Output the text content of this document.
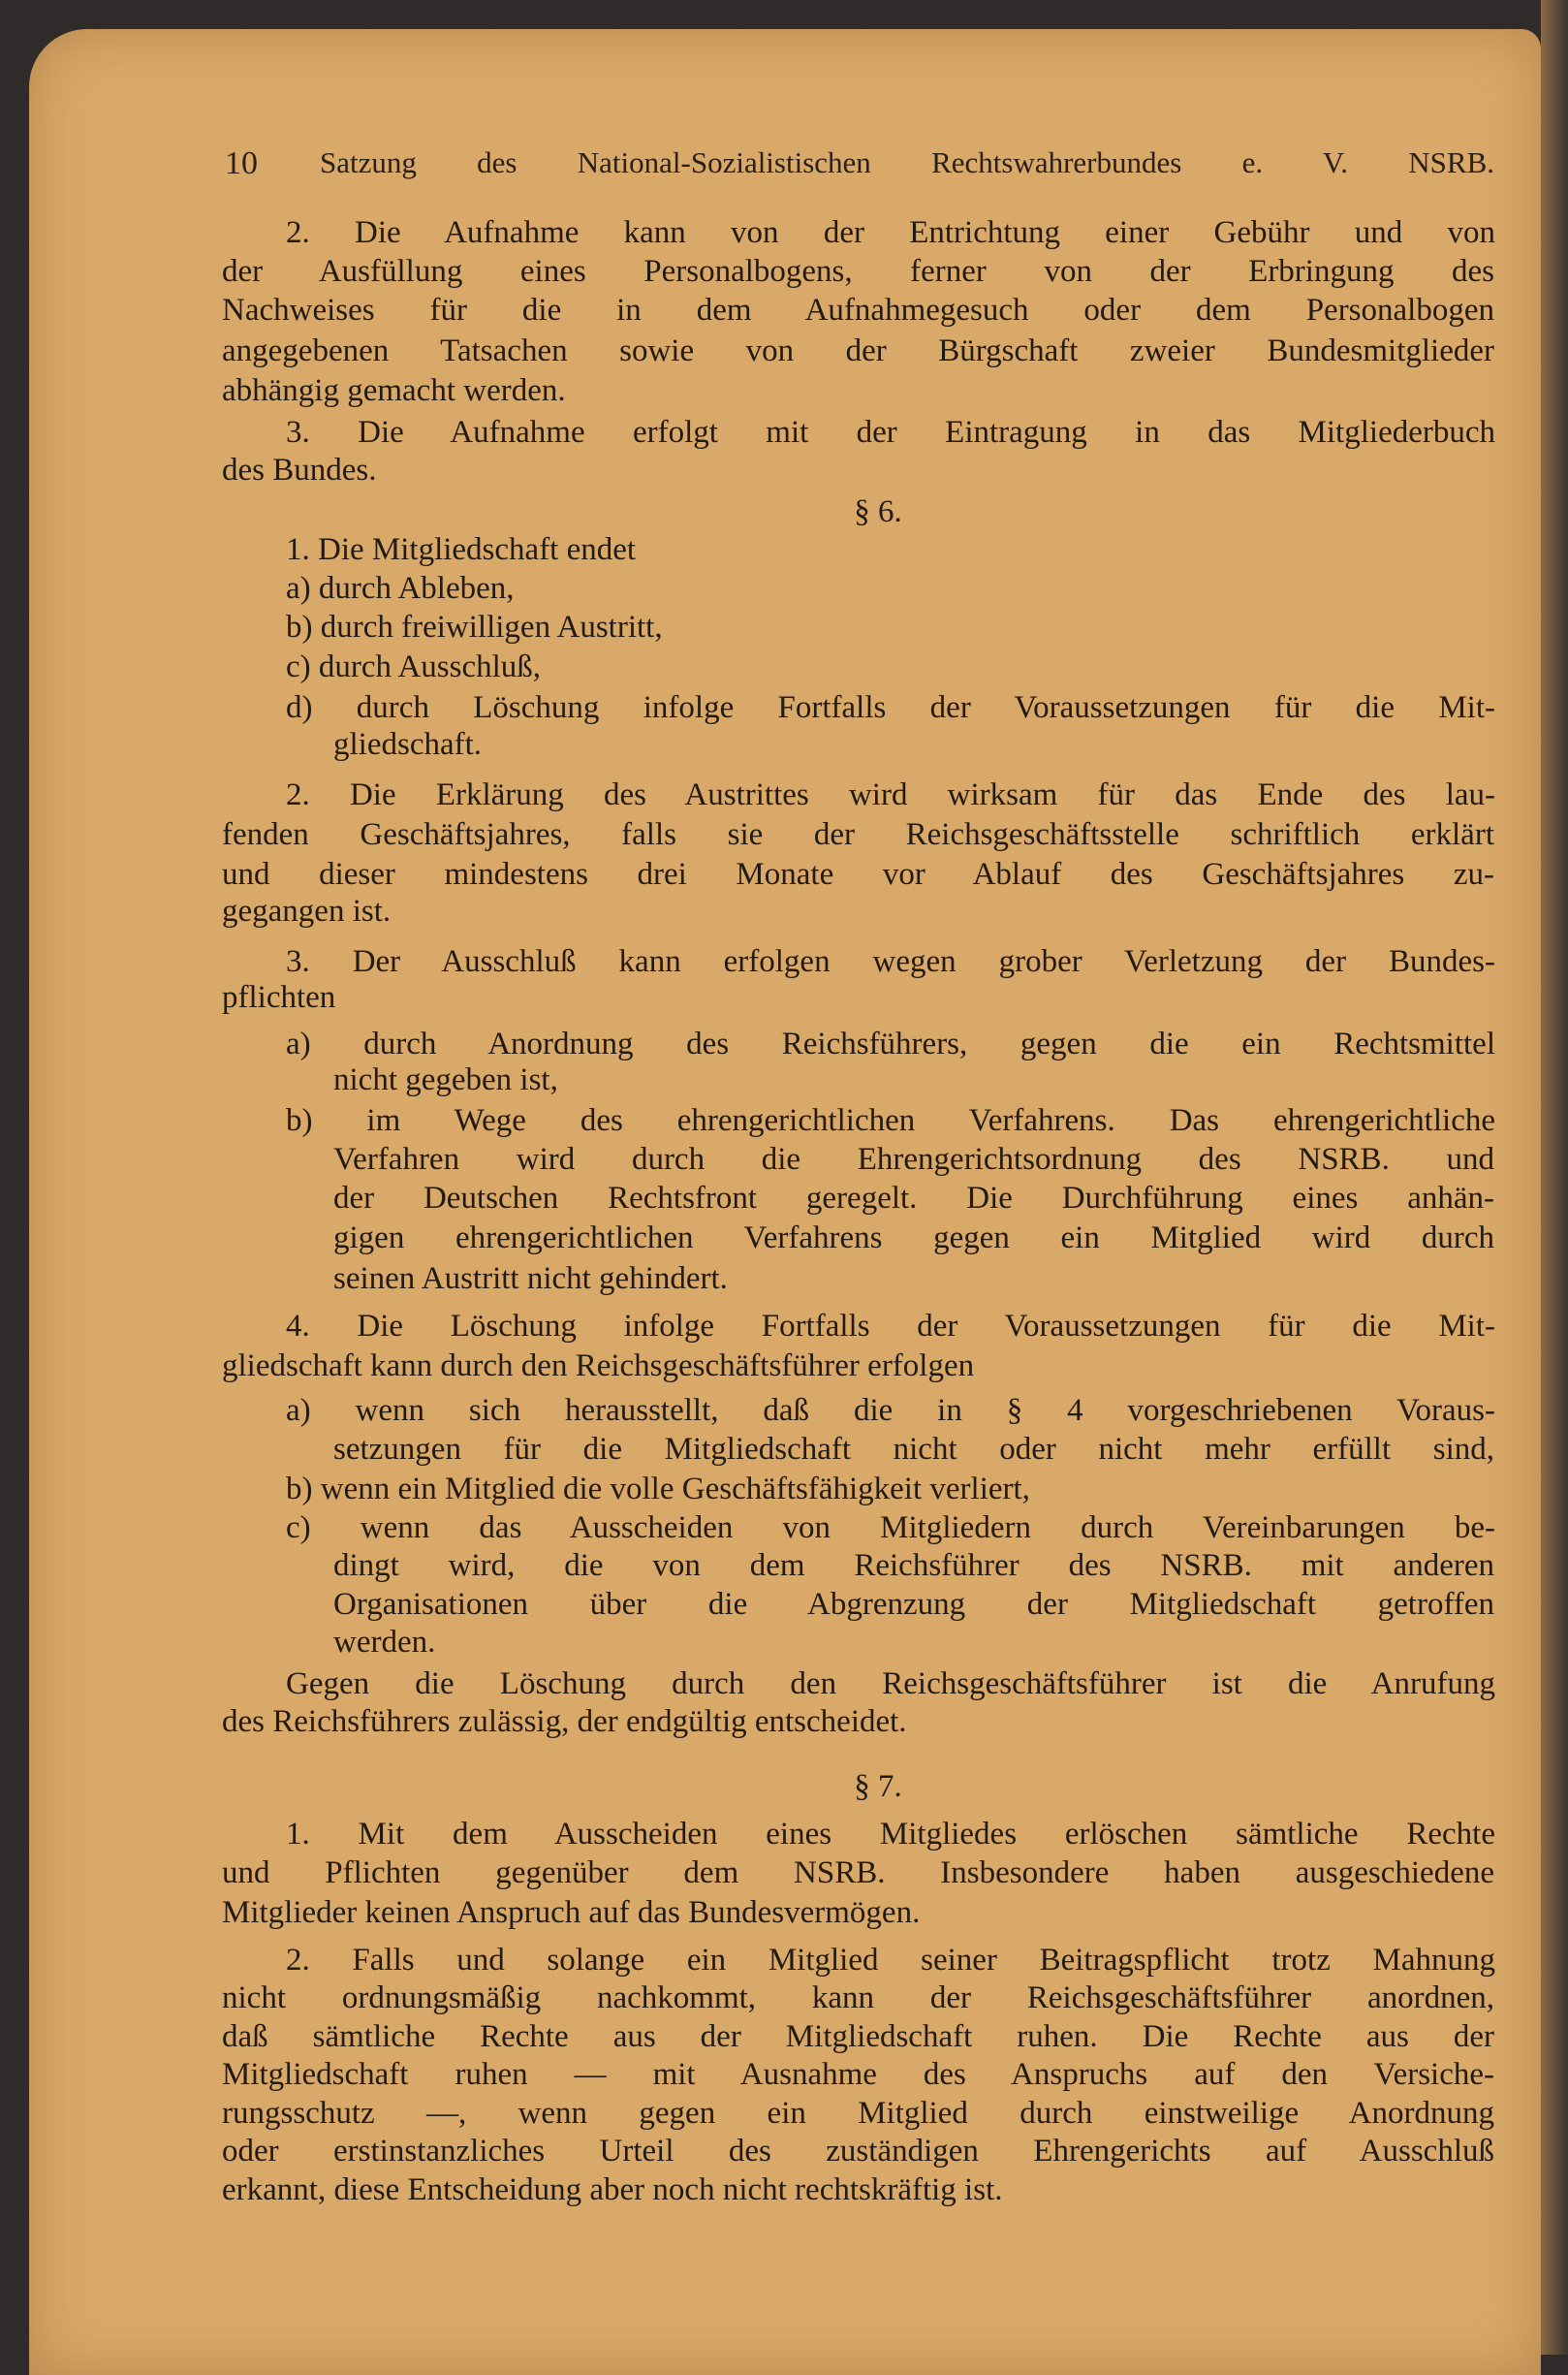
10 Satzung des National-Sozialistischen Rechtswahrerbundes e. V. NSRB.
2. Die Aufnahme kann von der Entrichtung einer Gebühr und von
der Ausfüllung eines Personalbogens, ferner von der Erbringung des
Nachweises für die in dem Aufnahmegesuch oder dem Personalbogen
angegebenen Tatsachen sowie von der Bürgschaft zweier Bundesmitglieder
abhängig gemacht werden.
3. Die Aufnahme erfolgt mit der Eintragung in das Mitgliederbuch
des Bundes.
§ 6.
1. Die Mitgliedschaft endet
a) durch Ableben,
b) durch freiwilligen Austritt,
c) durch Ausschluß,
d) durch Löschung infolge Fortfalls der Voraussetzungen für die Mit-
gliedschaft.
2. Die Erklärung des Austrittes wird wirksam für das Ende des lau-
fenden Geschäftsjahres, falls sie der Reichsgeschäftsstelle schriftlich erklärt
und dieser mindestens drei Monate vor Ablauf des Geschäftsjahres zu-
gegangen ist.
3. Der Ausschluß kann erfolgen wegen grober Verletzung der Bundes-
pflichten
a) durch Anordnung des Reichsführers, gegen die ein Rechtsmittel
nicht gegeben ist,
b) im Wege des ehrengerichtlichen Verfahrens. Das ehrengerichtliche
Verfahren wird durch die Ehrengerichtsordnung des NSRB. und
der Deutschen Rechtsfront geregelt. Die Durchführung eines anhän-
gigen ehrengerichtlichen Verfahrens gegen ein Mitglied wird durch
seinen Austritt nicht gehindert.
4. Die Löschung infolge Fortfalls der Voraussetzungen für die Mit-
gliedschaft kann durch den Reichsgeschäftsführer erfolgen
a) wenn sich herausstellt, daß die in § 4 vorgeschriebenen Voraus-
setzungen für die Mitgliedschaft nicht oder nicht mehr erfüllt sind,
b) wenn ein Mitglied die volle Geschäftsfähigkeit verliert,
c) wenn das Ausscheiden von Mitgliedern durch Vereinbarungen be-
dingt wird, die von dem Reichsführer des NSRB. mit anderen
Organisationen über die Abgrenzung der Mitgliedschaft getroffen
werden.
Gegen die Löschung durch den Reichsgeschäftsführer ist die Anrufung
des Reichsführers zulässig, der endgültig entscheidet.
§ 7.
1. Mit dem Ausscheiden eines Mitgliedes erlöschen sämtliche Rechte
und Pflichten gegenüber dem NSRB. Insbesondere haben ausgeschiedene
Mitglieder keinen Anspruch auf das Bundesvermögen.
2. Falls und solange ein Mitglied seiner Beitragspflicht trotz Mahnung
nicht ordnungsmäßig nachkommt, kann der Reichsgeschäftsführer anordnen,
daß sämtliche Rechte aus der Mitgliedschaft ruhen. Die Rechte aus der
Mitgliedschaft ruhen — mit Ausnahme des Anspruchs auf den Versiche-
rungsschutz —, wenn gegen ein Mitglied durch einstweilige Anordnung
oder erstinstanzliches Urteil des zuständigen Ehrengerichts auf Ausschluß
erkannt, diese Entscheidung aber noch nicht rechtskräftig ist.
